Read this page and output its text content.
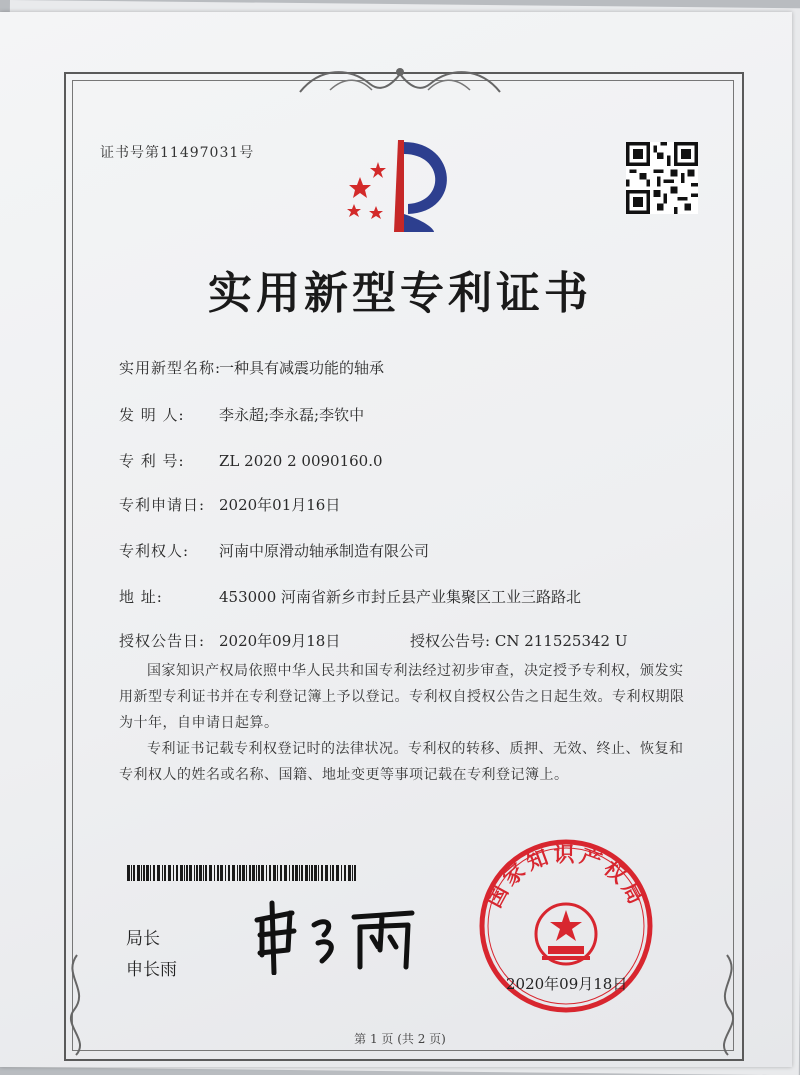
证书号第11497031号
实用新型专利证书
实用新型名称:一种具有减震功能的轴承
发 明 人: 李永超;李永磊;李钦中
专 利 号: ZL 2020 2 0090160.0
专利申请日: 2020年01月16日
专利权人: 河南中原滑动轴承制造有限公司
地 址:	453000 河南省新乡市封丘县产业集聚区工业三路路北
授权公告日: 2020年09月18日	授权公告号: CN 211525342 U
国家知识产权局依照中华人民共和国专利法经过初步审查，决定授予专利权，颁发实用新型专利证书并在专利登记簿上予以登记。专利权自授权公告之日起生效。专利权期限为十年，自申请日起算。
专利证书记载专利权登记时的法律状况。专利权的转移、质押、无效、终止、恢复和专利权人的姓名或名称、国籍、地址变更等事项记载在专利登记簿上。
局长
申长雨
国家知识产权局
2020年09月18日
第 1 页 (共 2 页)
